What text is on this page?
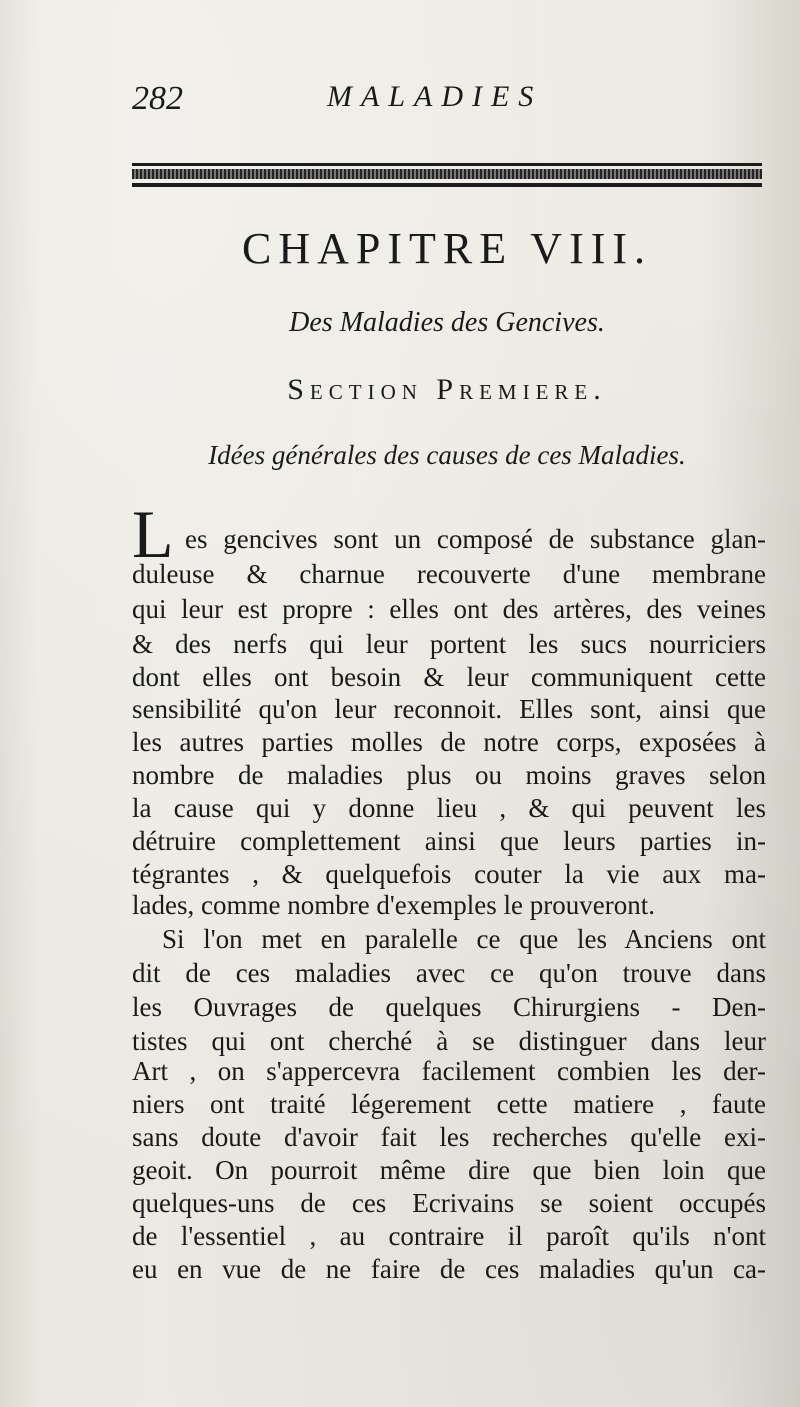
282	MALADIES
CHAPITRE VIII.
Des Maladies des Gencives.
Section Premiere.
Idées générales des causes de ces Maladies.
L es gencives sont un composé de substance glan-
duleuse & charnue recouverte d'une membrane
qui leur est propre : elles ont des artères, des veines
& des nerfs qui leur portent les sucs nourriciers
dont elles ont besoin & leur communiquent cette
sensibilité qu'on leur reconnoit. Elles sont, ainsi que
les autres parties molles de notre corps, exposées à
nombre de maladies plus ou moins graves selon
la cause qui y donne lieu , & qui peuvent les
détruire complettement ainsi que leurs parties in-
tégrantes , & quelquefois couter la vie aux ma-
lades, comme nombre d'exemples le prouveront.
Si l'on met en paralelle ce que les Anciens ont
dit de ces maladies avec ce qu'on trouve dans
les Ouvrages de quelques Chirurgiens - Den-
tistes qui ont cherché à se distinguer dans leur
Art , on s'appercevra facilement combien les der-
niers ont traité légerement cette matiere , faute
sans doute d'avoir fait les recherches qu'elle exi-
geoit. On pourroit même dire que bien loin que
quelques-uns de ces Ecrivains se soient occupés
de l'essentiel , au contraire il paroît qu'ils n'ont
eu en vue de ne faire de ces maladies qu'un ca-
